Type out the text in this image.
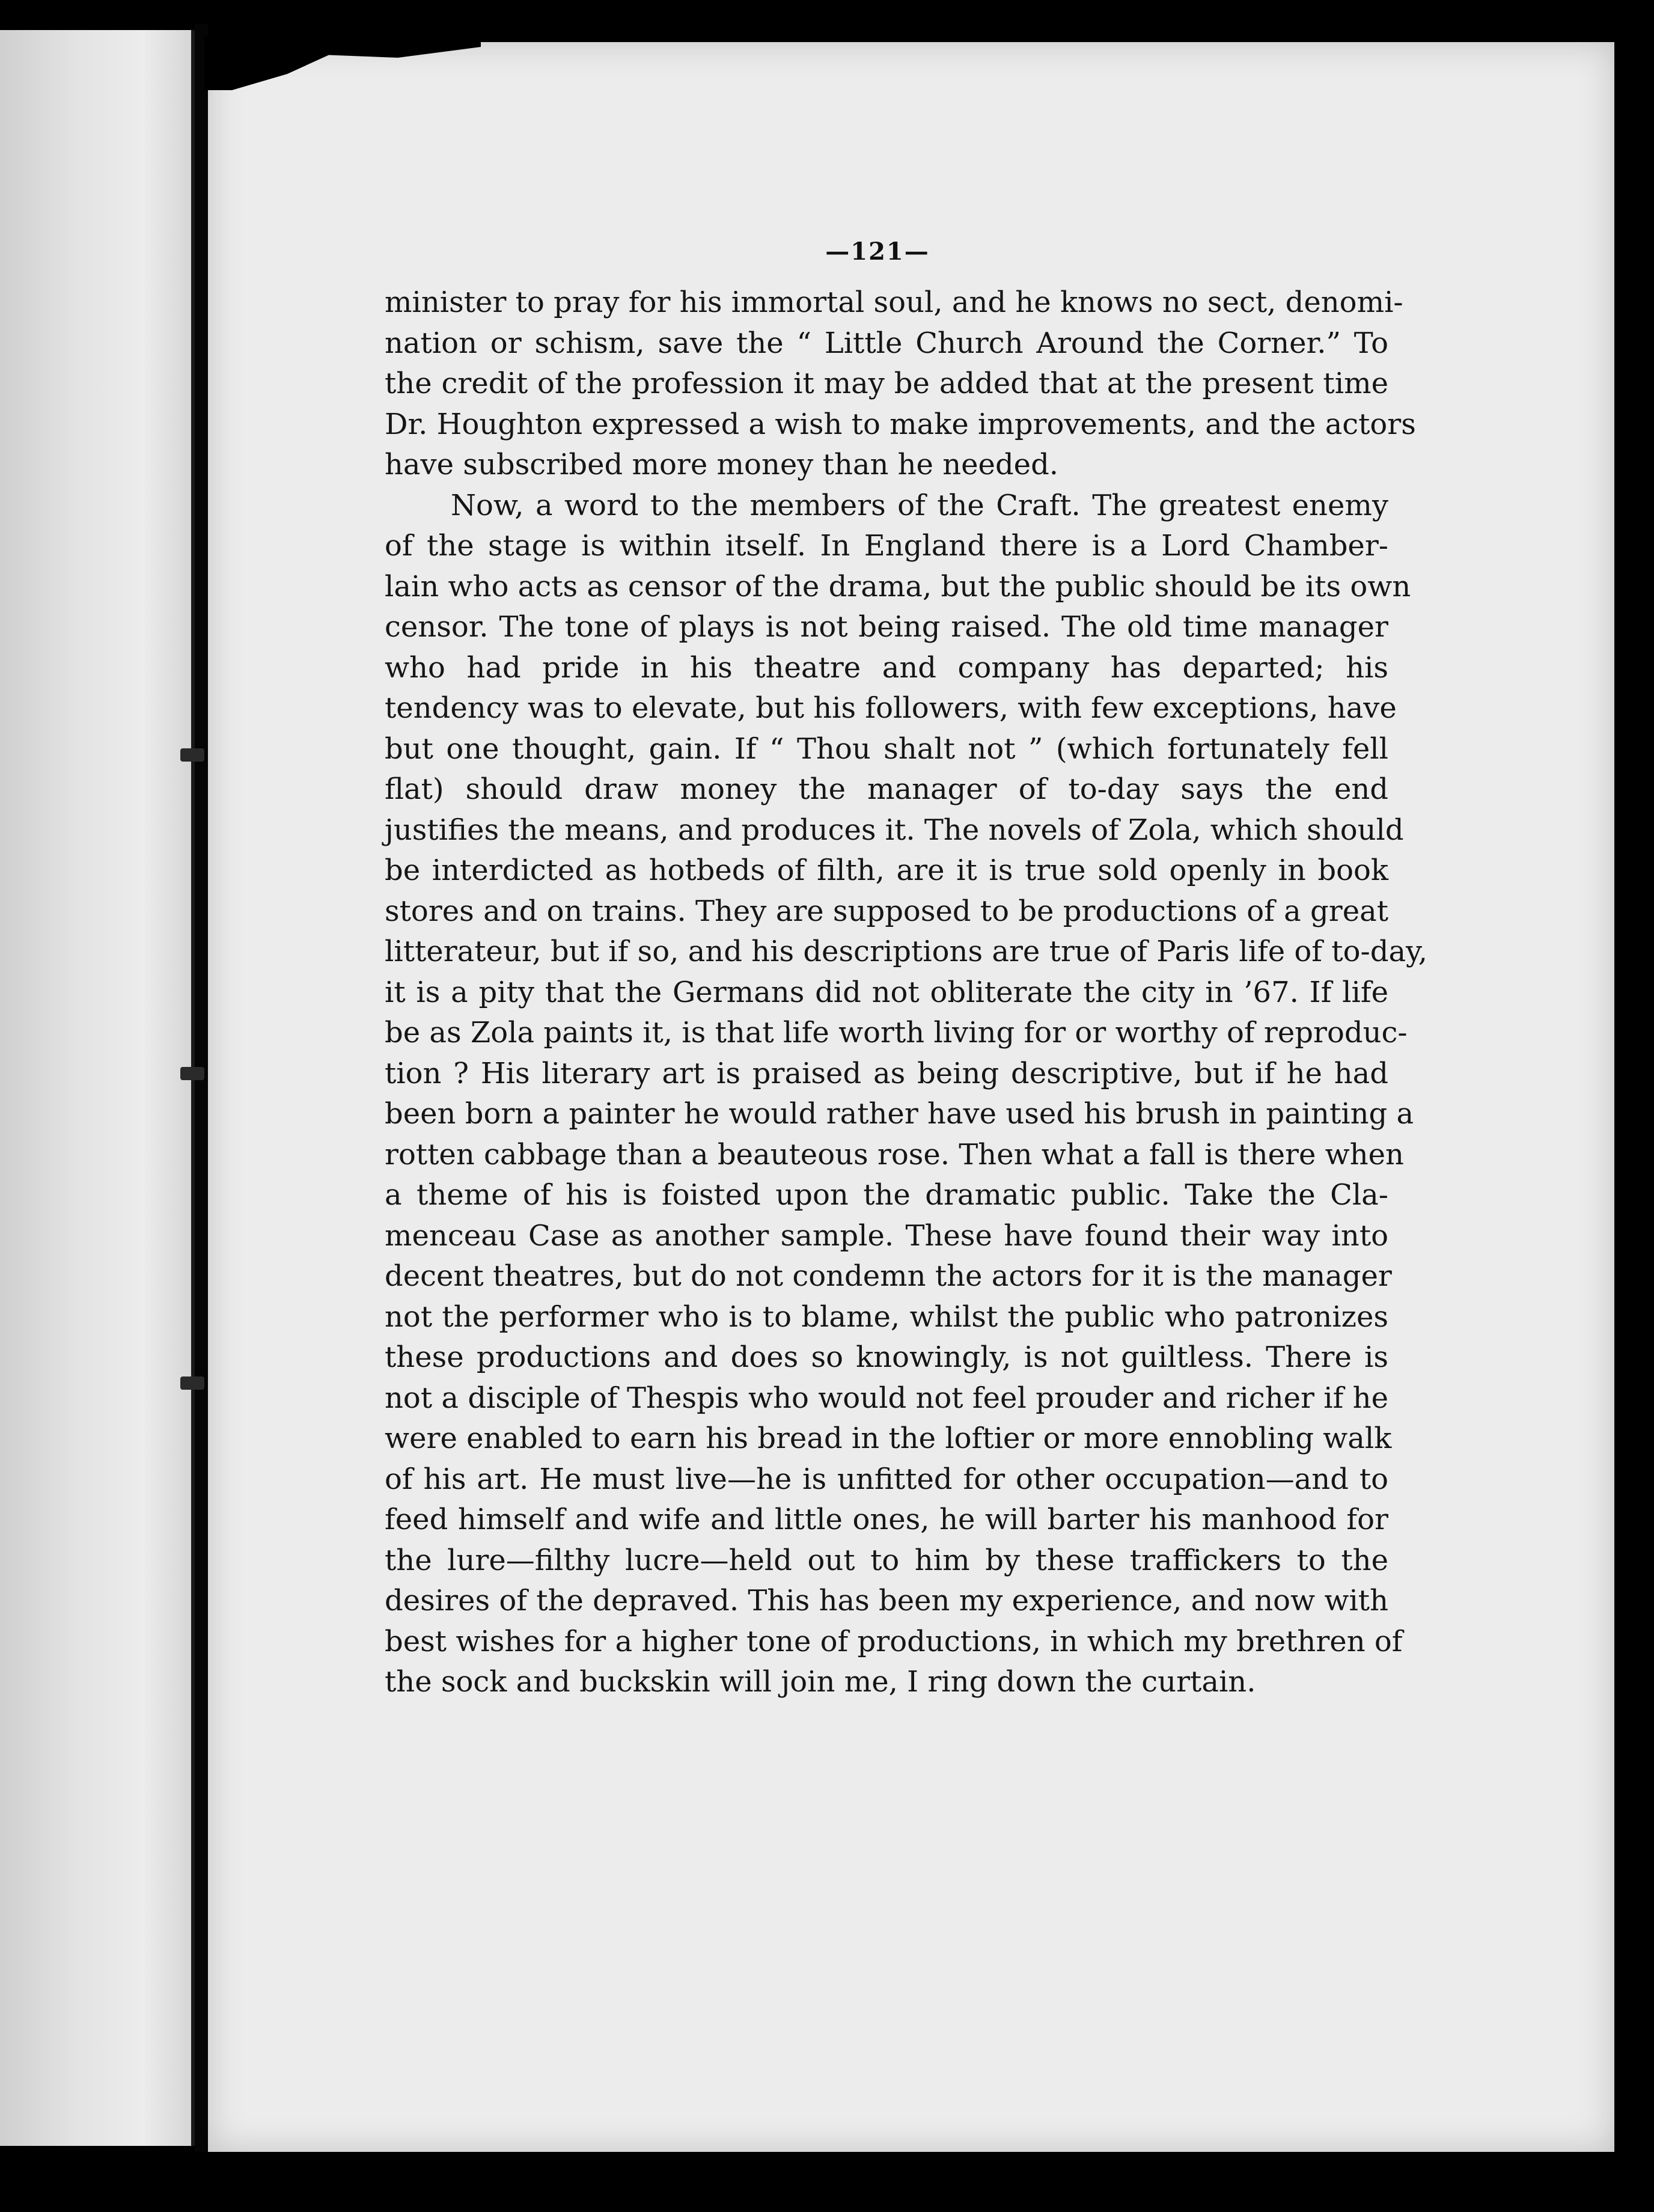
—121—
minister to pray for his immortal soul, and he knows no sect, denomi-
nation or schism, save the “ Little Church Around the Corner.” To
the credit of the profession it may be added that at the present time
Dr. Houghton expressed a wish to make improvements, and the actors
have subscribed more money than he needed.
Now, a word to the members of the Craft. The greatest enemy
of the stage is within itself. In England there is a Lord Chamber-
lain who acts as censor of the drama, but the public should be its own
censor. The tone of plays is not being raised. The old time manager
who had pride in his theatre and company has departed; his
tendency was to elevate, but his followers, with few exceptions, have
but one thought, gain. If “ Thou shalt not ” (which fortunately fell
flat) should draw money the manager of to-day says the end
justifies the means, and produces it. The novels of Zola, which should
be interdicted as hotbeds of filth, are it is true sold openly in book
stores and on trains. They are supposed to be productions of a great
litterateur, but if so, and his descriptions are true of Paris life of to-day,
it is a pity that the Germans did not obliterate the city in ’67. If life
be as Zola paints it, is that life worth living for or worthy of reproduc-
tion ? His literary art is praised as being descriptive, but if he had
been born a painter he would rather have used his brush in painting a
rotten cabbage than a beauteous rose. Then what a fall is there when
a theme of his is foisted upon the dramatic public. Take the Cla-
menceau Case as another sample. These have found their way into
decent theatres, but do not condemn the actors for it is the manager
not the performer who is to blame, whilst the public who patronizes
these productions and does so knowingly, is not guiltless. There is
not a disciple of Thespis who would not feel prouder and richer if he
were enabled to earn his bread in the loftier or more ennobling walk
of his art. He must live—he is unfitted for other occupation—and to
feed himself and wife and little ones, he will barter his manhood for
the lure—filthy lucre—held out to him by these traffickers to the
desires of the depraved. This has been my experience, and now with
best wishes for a higher tone of productions, in which my brethren of
the sock and buckskin will join me, I ring down the curtain.
